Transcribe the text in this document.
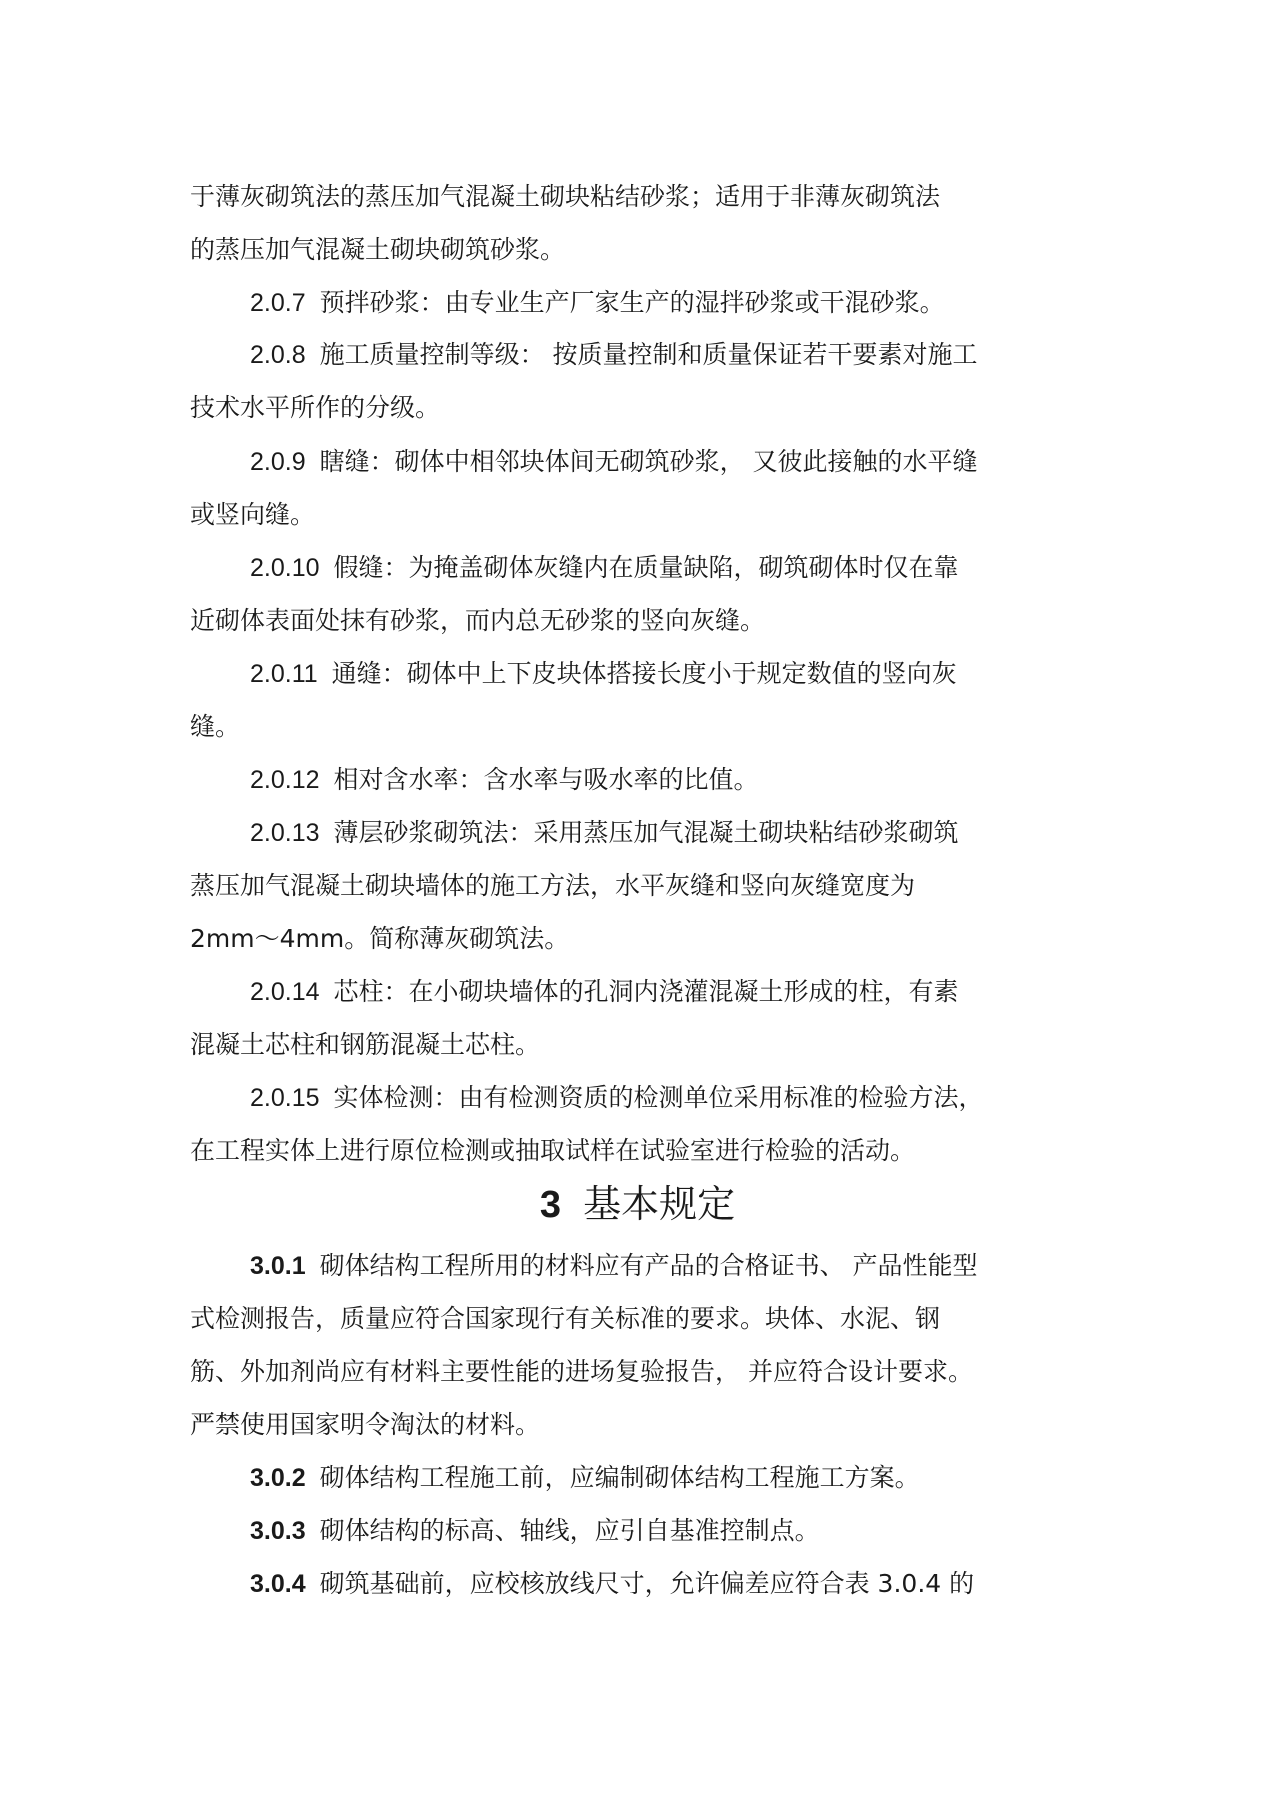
于薄灰砌筑法的蒸压加气混凝土砌块粘结砂浆；适用于非薄灰砌筑法
的蒸压加气混凝土砌块砌筑砂浆。
2.0.7 预拌砂浆：由专业生产厂家生产的湿拌砂浆或干混砂浆。
2.0.8 施工质量控制等级： 按质量控制和质量保证若干要素对施工
技术水平所作的分级。
2.0.9 瞎缝：砌体中相邻块体间无砌筑砂浆， 又彼此接触的水平缝
或竖向缝。
2.0.10 假缝：为掩盖砌体灰缝内在质量缺陷，砌筑砌体时仅在靠
近砌体表面处抹有砂浆，而内总无砂浆的竖向灰缝。
2.0.11 通缝：砌体中上下皮块体搭接长度小于规定数值的竖向灰
缝。
2.0.12 相对含水率：含水率与吸水率的比值。
2.0.13 薄层砂浆砌筑法：采用蒸压加气混凝土砌块粘结砂浆砌筑
蒸压加气混凝土砌块墙体的施工方法，水平灰缝和竖向灰缝宽度为
2mm～4mm。简称薄灰砌筑法。
2.0.14 芯柱：在小砌块墙体的孔洞内浇灌混凝土形成的柱，有素
混凝土芯柱和钢筋混凝土芯柱。
2.0.15 实体检测：由有检测资质的检测单位采用标准的检验方法，
在工程实体上进行原位检测或抽取试样在试验室进行检验的活动。
3 基本规定
3.0.1 砌体结构工程所用的材料应有产品的合格证书、 产品性能型
式检测报告，质量应符合国家现行有关标准的要求。块体、水泥、钢
筋、外加剂尚应有材料主要性能的进场复验报告， 并应符合设计要求。
严禁使用国家明令淘汰的材料。
3.0.2 砌体结构工程施工前，应编制砌体结构工程施工方案。
3.0.3 砌体结构的标高、轴线，应引自基准控制点。
3.0.4 砌筑基础前，应校核放线尺寸，允许偏差应符合表 3.0.4 的
